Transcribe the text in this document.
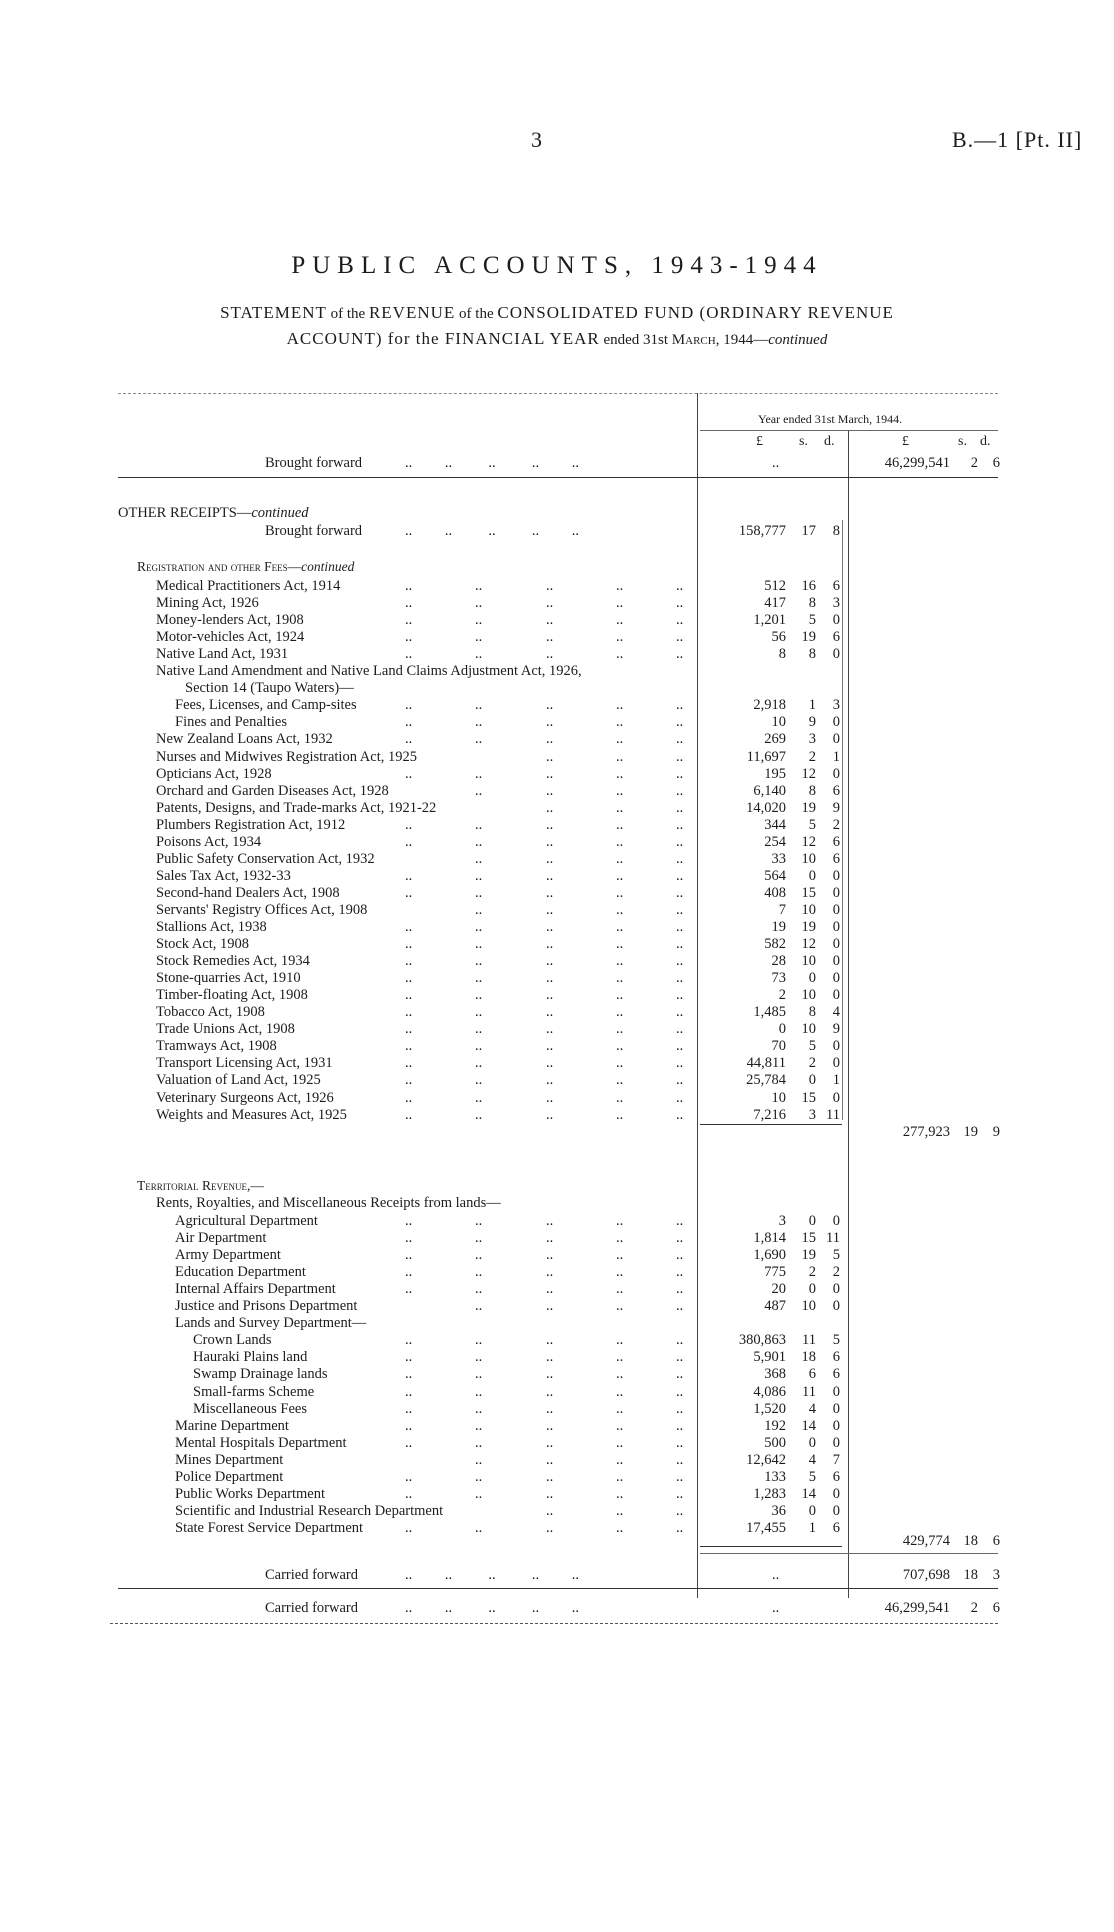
3	B.—1 [Pt. II]
PUBLIC ACCOUNTS, 1943-1944
STATEMENT of the REVENUE of the CONSOLIDATED FUND (ORDINARY REVENUE
ACCOUNT) for the FINANCIAL YEAR ended 31st March, 1944—continued
Year ended 31st March, 1944.
£	s. d.	£	s. d.
Brought forward	..         ..          ..          ..         ..	..	46,299,541	2	6
OTHER RECEIPTS—continued
Brought forward	..         ..          ..          ..         ..	158,777	17	8
Registration and other Fees—continued
Medical Practitioners Act, 1914	..	..	..	..	..	512	16	6
Mining Act, 1926	..	..	..	..	..	417	8	3
Money-lenders Act, 1908	..	..	..	..	..	1,201	5	0
Motor-vehicles Act, 1924	..	..	..	..	..	56	19	6
Native Land Act, 1931	..	..	..	..	..	8	8	0
Native Land Amendment and Native Land Claims Adjustment Act, 1926,
Section 14 (Taupo Waters)—
Fees, Licenses, and Camp-sites	..	..	..	..	..	2,918	1	3
Fines and Penalties	..	..	..	..	..	10	9	0
New Zealand Loans Act, 1932	..	..	..	..	..	269	3	0
Nurses and Midwives Registration Act, 1925	..	..	..	11,697	2	1
Opticians Act, 1928	..	..	..	..	..	195	12	0
Orchard and Garden Diseases Act, 1928	..	..	..	..	6,140	8	6
Patents, Designs, and Trade-marks Act, 1921-22	..	..	..	14,020	19	9
Plumbers Registration Act, 1912	..	..	..	..	..	344	5	2
Poisons Act, 1934	..	..	..	..	..	254	12	6
Public Safety Conservation Act, 1932	..	..	..	..	33	10	6
Sales Tax Act, 1932-33	..	..	..	..	..	564	0	0
Second-hand Dealers Act, 1908	..	..	..	..	..	408	15	0
Servants' Registry Offices Act, 1908	..	..	..	..	7	10	0
Stallions Act, 1938	..	..	..	..	..	19	19	0
Stock Act, 1908	..	..	..	..	..	582	12	0
Stock Remedies Act, 1934	..	..	..	..	..	28	10	0
Stone-quarries Act, 1910	..	..	..	..	..	73	0	0
Timber-floating Act, 1908	..	..	..	..	..	2	10	0
Tobacco Act, 1908	..	..	..	..	..	1,485	8	4
Trade Unions Act, 1908	..	..	..	..	..	0	10	9
Tramways Act, 1908	..	..	..	..	..	70	5	0
Transport Licensing Act, 1931	..	..	..	..	..	44,811	2	0
Valuation of Land Act, 1925	..	..	..	..	..	25,784	0	1
Veterinary Surgeons Act, 1926	..	..	..	..	..	10	15	0
Weights and Measures Act, 1925	..	..	..	..	..	7,216	3 11
277,923 19	9
Territorial Revenue,—
Rents, Royalties, and Miscellaneous Receipts from lands—
Agricultural Department	..	..	..	..	..	3	0	0
Air Department	..	..	..	..	..	1,814	15 11
Army Department	..	..	..	..	..	1,690	19	5
Education Department	..	..	..	..	..	775	2	2
Internal Affairs Department	..	..	..	..	..	20	0	0
Justice and Prisons Department	..	..	..	..	487	10	0
Lands and Survey Department—
Crown Lands	..	..	..	..	..	380,863	11	5
Hauraki Plains land	..	..	..	..	..	5,901	18	6
Swamp Drainage lands	..	..	..	..	..	368	6	6
Small-farms Scheme	..	..	..	..	..	4,086	11	0
Miscellaneous Fees	..	..	..	..	..	1,520	4	0
Marine Department	..	..	..	..	..	192	14	0
Mental Hospitals Department	..	..	..	..	..	500	0	0
Mines Department	..	..	..	..	12,642	4	7
Police Department	..	..	..	..	..	133	5	6
Public Works Department	..	..	..	..	..	1,283	14	0
Scientific and Industrial Research Department	..	..	..	36	0	0
State Forest Service Department	..	..	..	..	..	17,455	1	6
429,774 18	6
Carried forward	..         ..          ..          ..         ..	..	707,698 18	3
Carried forward	..         ..          ..          ..         ..	..	46,299,541	2	6
